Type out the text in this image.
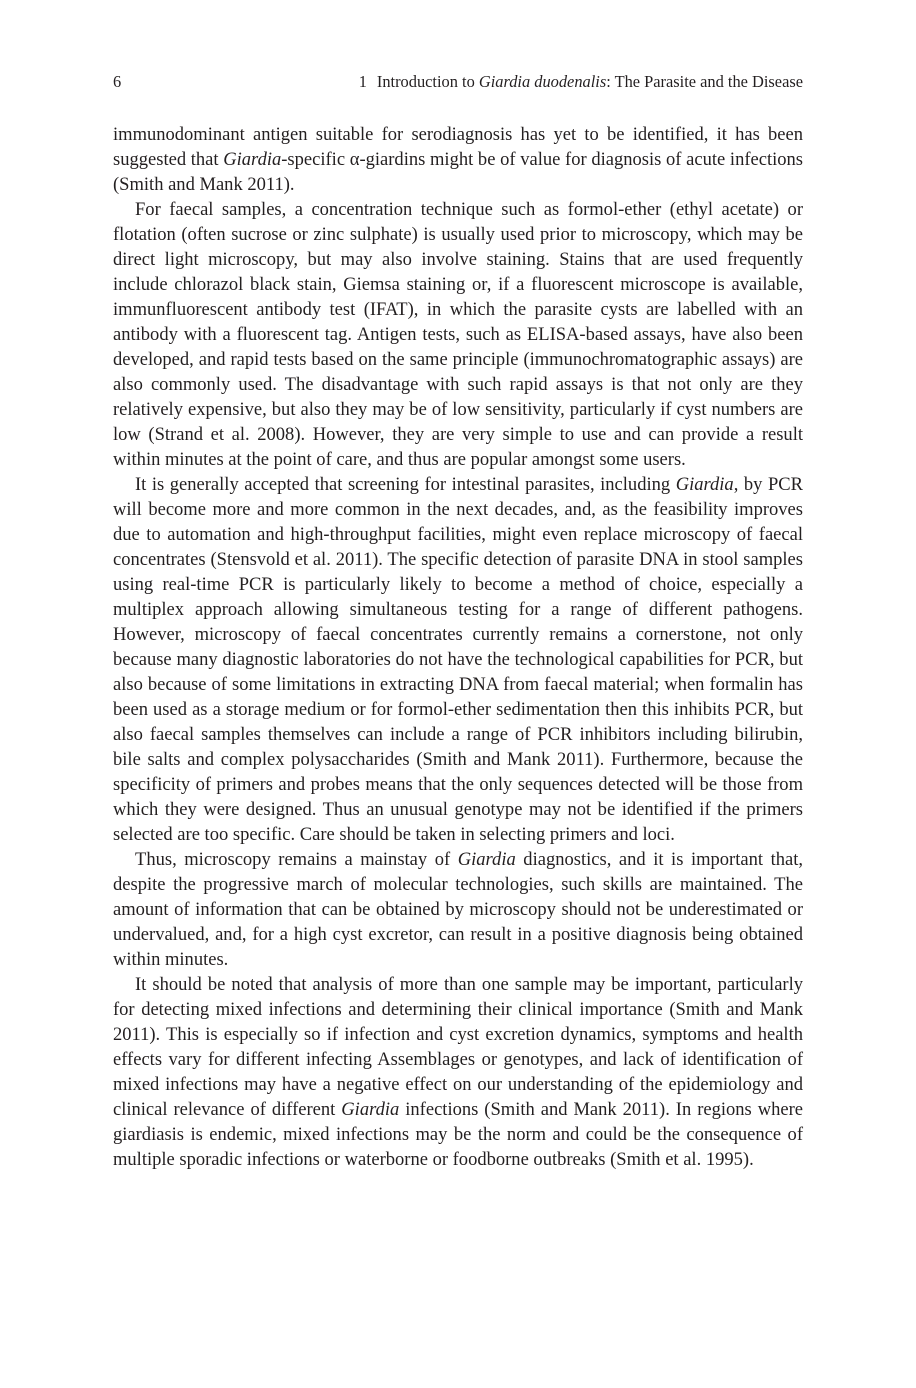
6	1 Introduction to Giardia duodenalis: The Parasite and the Disease

immunodominant antigen suitable for serodiagnosis has yet to be identified, it has been suggested that Giardia-specific α-giardins might be of value for diagnosis of acute infections (Smith and Mank 2011).

For faecal samples, a concentration technique such as formol-ether (ethyl acetate) or flotation (often sucrose or zinc sulphate) is usually used prior to microscopy, which may be direct light microscopy, but may also involve staining. Stains that are used frequently include chlorazol black stain, Giemsa staining or, if a fluorescent microscope is available, immunfluorescent antibody test (IFAT), in which the parasite cysts are labelled with an antibody with a fluorescent tag. Antigen tests, such as ELISA-based assays, have also been developed, and rapid tests based on the same principle (immunochromatographic assays) are also commonly used. The disadvantage with such rapid assays is that not only are they relatively expensive, but also they may be of low sensitivity, particularly if cyst numbers are low (Strand et al. 2008). However, they are very simple to use and can provide a result within minutes at the point of care, and thus are popular amongst some users.

It is generally accepted that screening for intestinal parasites, including Giardia, by PCR will become more and more common in the next decades, and, as the feasibility improves due to automation and high-throughput facilities, might even replace microscopy of faecal concentrates (Stensvold et al. 2011). The specific detection of parasite DNA in stool samples using real-time PCR is particularly likely to become a method of choice, especially a multiplex approach allowing simultaneous testing for a range of different pathogens. However, microscopy of faecal concentrates currently remains a cornerstone, not only because many diagnostic laboratories do not have the technological capabilities for PCR, but also because of some limitations in extracting DNA from faecal material; when formalin has been used as a storage medium or for formol-ether sedimentation then this inhibits PCR, but also faecal samples themselves can include a range of PCR inhibitors including bilirubin, bile salts and complex polysaccharides (Smith and Mank 2011). Furthermore, because the specificity of primers and probes means that the only sequences detected will be those from which they were designed. Thus an unusual genotype may not be identified if the primers selected are too specific. Care should be taken in selecting primers and loci.

Thus, microscopy remains a mainstay of Giardia diagnostics, and it is important that, despite the progressive march of molecular technologies, such skills are maintained. The amount of information that can be obtained by microscopy should not be underestimated or undervalued, and, for a high cyst excretor, can result in a positive diagnosis being obtained within minutes.

It should be noted that analysis of more than one sample may be important, particularly for detecting mixed infections and determining their clinical importance (Smith and Mank 2011). This is especially so if infection and cyst excretion dynamics, symptoms and health effects vary for different infecting Assemblages or genotypes, and lack of identification of mixed infections may have a negative effect on our understanding of the epidemiology and clinical relevance of different Giardia infections (Smith and Mank 2011). In regions where giardiasis is endemic, mixed infections may be the norm and could be the consequence of multiple sporadic infections or waterborne or foodborne outbreaks (Smith et al. 1995).
